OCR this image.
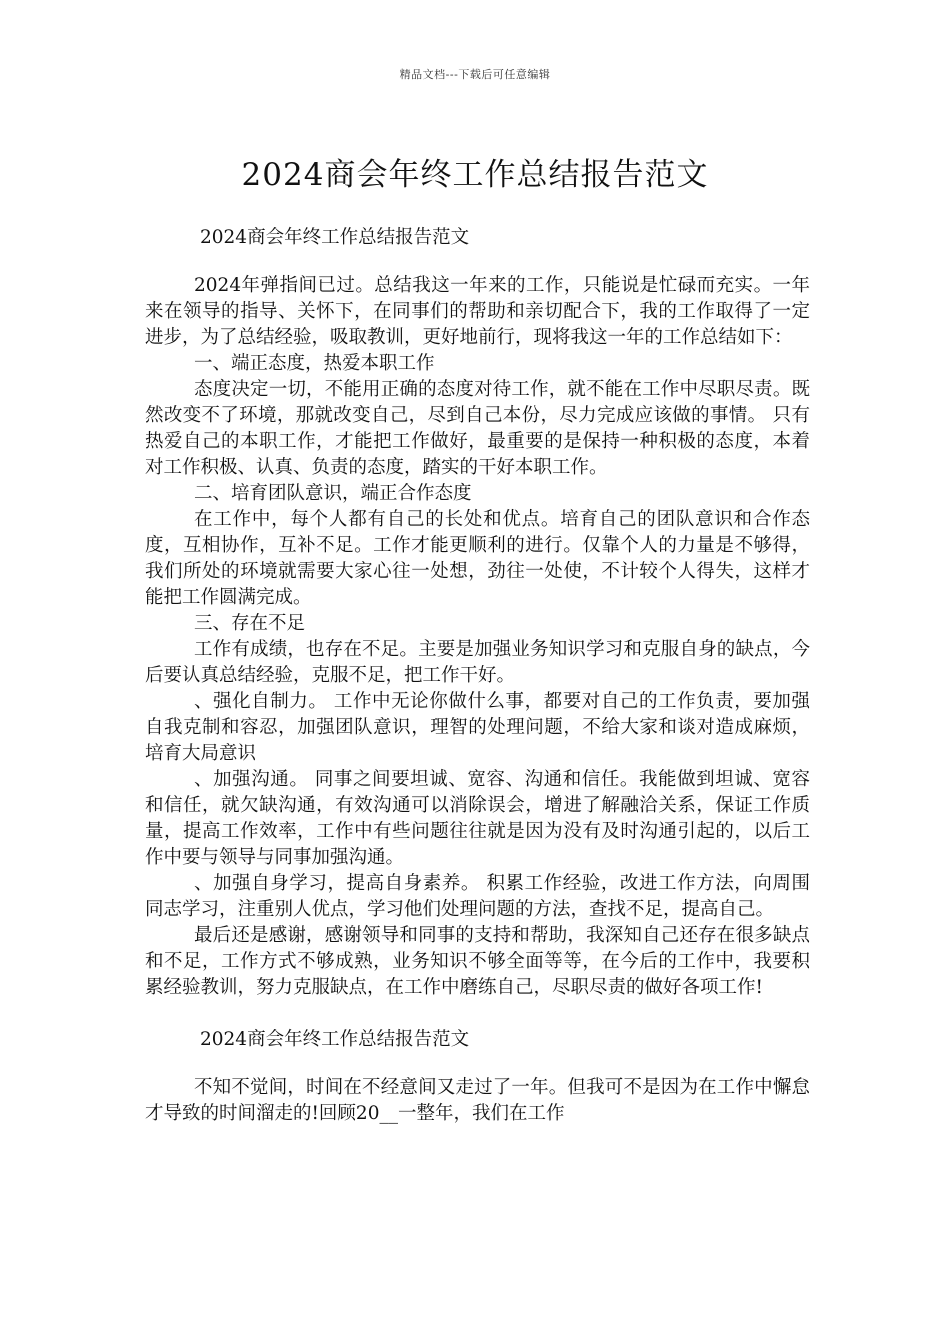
精品文档---下载后可任意编辑
2024商会年终工作总结报告范文

2024商会年终工作总结报告范文

2024年弹指间已过。总结我这一年来的工作，只能说是忙碌而充实。一年来在领导的指导、关怀下，在同事们的帮助和亲切配合下，我的工作取得了一定进步，为了总结经验，吸取教训，更好地前行，现将我这一年的工作总结如下：

一、端正态度，热爱本职工作

态度决定一切，不能用正确的态度对待工作，就不能在工作中尽职尽责。既然改变不了环境，那就改变自己，尽到自己本份，尽力完成应该做的事情。 只有热爱自己的本职工作，才能把工作做好，最重要的是保持一种积极的态度，本着对工作积极、认真、负责的态度，踏实的干好本职工作。

二、培育团队意识，端正合作态度

在工作中，每个人都有自己的长处和优点。培育自己的团队意识和合作态度，互相协作，互补不足。工作才能更顺利的进行。仅靠个人的力量是不够得，我们所处的环境就需要大家心往一处想，劲往一处使，不计较个人得失，这样才能把工作圆满完成。

三、存在不足

工作有成绩，也存在不足。主要是加强业务知识学习和克服自身的缺点，今后要认真总结经验，克服不足，把工作干好。

、强化自制力。 工作中无论你做什么事，都要对自己的工作负责，要加强自我克制和容忍，加强团队意识，理智的处理问题，不给大家和谈对造成麻烦，培育大局意识

、加强沟通。 同事之间要坦诚、宽容、沟通和信任。我能做到坦诚、宽容和信任，就欠缺沟通，有效沟通可以消除误会，增进了解融洽关系，保证工作质量，提高工作效率，工作中有些问题往往就是因为没有及时沟通引起的，以后工作中要与领导与同事加强沟通。

、加强自身学习，提高自身素养。 积累工作经验，改进工作方法，向周围同志学习，注重别人优点，学习他们处理问题的方法，查找不足，提高自己。

最后还是感谢，感谢领导和同事的支持和帮助，我深知自己还存在很多缺点和不足，工作方式不够成熟，业务知识不够全面等等，在今后的工作中，我要积累经验教训，努力克服缺点，在工作中磨练自己，尽职尽责的做好各项工作!

2024商会年终工作总结报告范文

不知不觉间，时间在不经意间又走过了一年。但我可不是因为在工作中懈怠才导致的时间溜走的!回顾20__一整年，我们在工作
